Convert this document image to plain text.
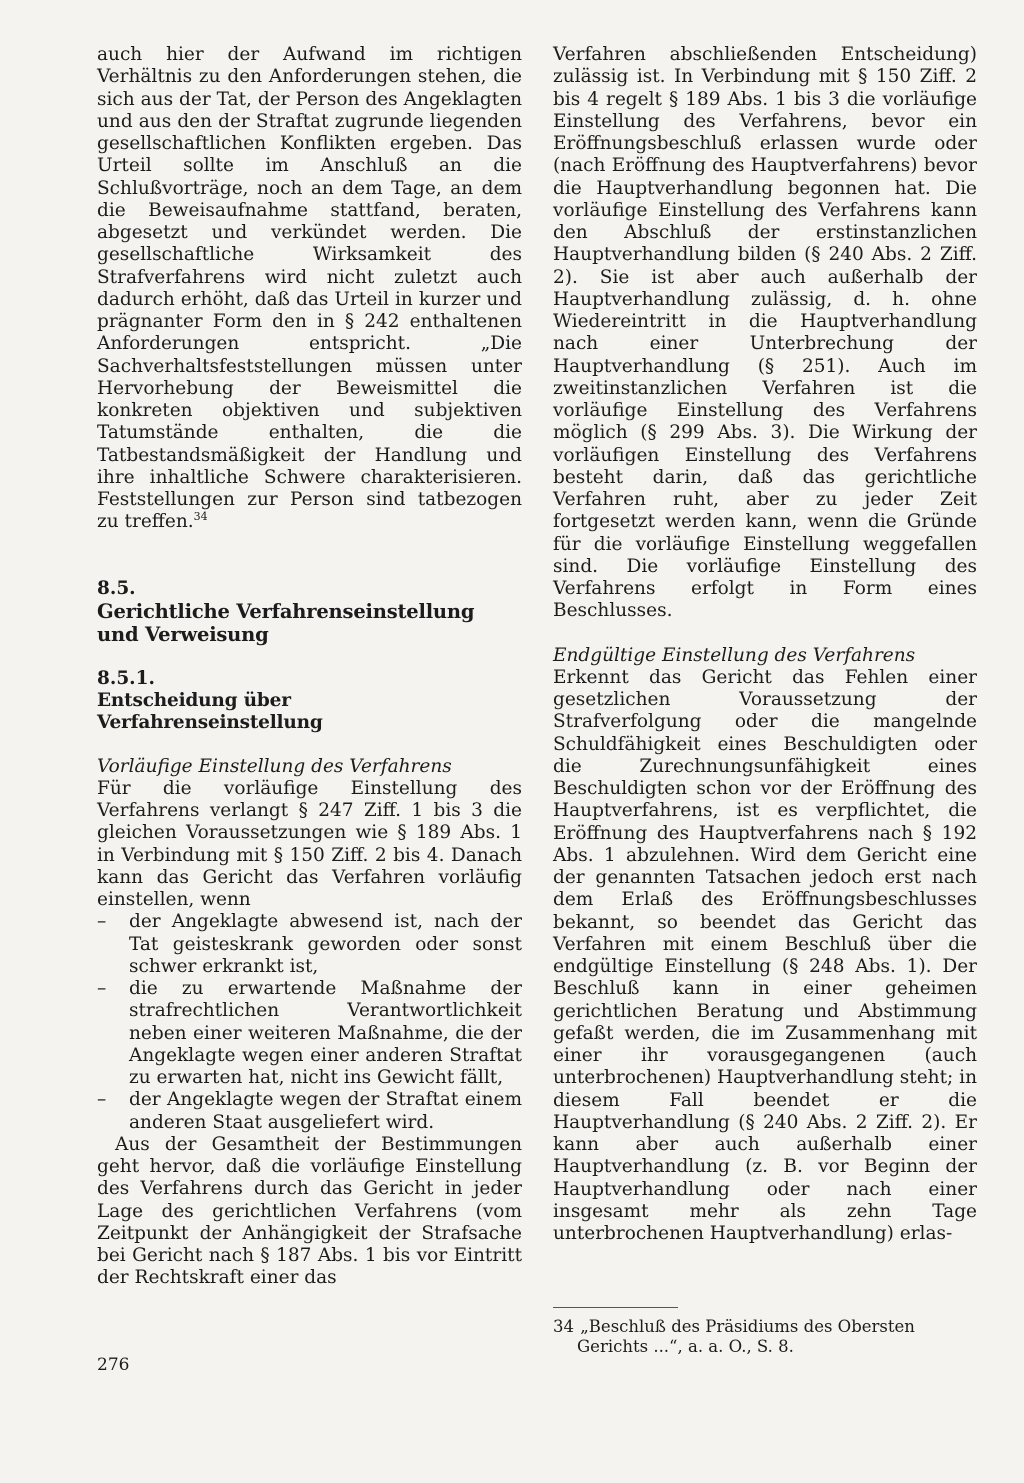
auch hier der Aufwand im richtigen Verhältnis zu den Anforderungen stehen, die sich aus der Tat, der Person des Angeklagten und aus den der Straftat zugrunde liegenden gesellschaftlichen Konflikten ergeben. Das Urteil sollte im Anschluß an die Schlußvorträge, noch an dem Tage, an dem die Beweisaufnahme stattfand, beraten, abgesetzt und verkündet werden. Die gesellschaftliche Wirksamkeit des Strafverfahrens wird nicht zuletzt auch dadurch erhöht, daß das Urteil in kurzer und prägnanter Form den in § 242 enthaltenen Anforderungen entspricht. „Die Sachverhaltsfeststellungen müssen unter Hervorhebung der Beweismittel die konkreten objektiven und subjektiven Tatumstände enthalten, die die Tatbestandsmäßigkeit der Handlung und ihre inhaltliche Schwere charakterisieren. Feststellungen zur Person sind tatbezogen zu treffen.$^{34}$

8.5.

Gerichtliche Verfahrenseinstellung

und Verweisung

8.5.1.

Entscheidung über Verfahrenseinstellung

Vorläufige Einstellung des Verfahrens

Für die vorläufige Einstellung des Verfahrens verlangt § 247 Ziff. 1 bis 3 die gleichen Voraussetzungen wie § 189 Abs. 1 in Verbindung mit § 150 Ziff. 2 bis 4. Danach kann das Gericht das Verfahren vorläufig einstellen, wenn

– der Angeklagte abwesend ist, nach der Tat geisteskrank geworden oder sonst schwer erkrankt ist,
– die zu erwartende Maßnahme der strafrechtlichen Verantwortlichkeit neben einer weiteren Maßnahme, die der Angeklagte wegen einer anderen Straftat zu erwarten hat, nicht ins Gewicht fällt,
– der Angeklagte wegen der Straftat einem anderen Staat ausgeliefert wird.

Aus der Gesamtheit der Bestimmungen geht hervor, daß die vorläufige Einstellung des Verfahrens durch das Gericht in jeder Lage des gerichtlichen Verfahrens (vom Zeitpunkt der Anhängigkeit der Strafsache bei Gericht nach § 187 Abs. 1 bis vor Eintritt der Rechtskraft einer das

Verfahren abschließenden Entscheidung) zulässig ist. In Verbindung mit § 150 Ziff. 2 bis 4 regelt § 189 Abs. 1 bis 3 die vorläufige Einstellung des Verfahrens, bevor ein Eröffnungsbeschluß erlassen wurde oder (nach Eröffnung des Hauptverfahrens) bevor die Hauptverhandlung begonnen hat. Die vorläufige Einstellung des Verfahrens kann den Abschluß der erstinstanzlichen Hauptverhandlung bilden (§ 240 Abs. 2 Ziff. 2). Sie ist aber auch außerhalb der Hauptverhandlung zulässig, d. h. ohne Wiedereintritt in die Hauptverhandlung nach einer Unterbrechung der Hauptverhandlung (§ 251). Auch im zweitinstanzlichen Verfahren ist die vorläufige Einstellung des Verfahrens möglich (§ 299 Abs. 3). Die Wirkung der vorläufigen Einstellung des Verfahrens besteht darin, daß das gerichtliche Verfahren ruht, aber zu jeder Zeit fortgesetzt werden kann, wenn die Gründe für die vorläufige Einstellung weggefallen sind. Die vorläufige Einstellung des Verfahrens erfolgt in Form eines Beschlusses.

Endgültige Einstellung des Verfahrens

Erkennt das Gericht das Fehlen einer gesetzlichen Voraussetzung der Strafverfolgung oder die mangelnde Schuldfähigkeit eines Beschuldigten oder die Zurechnungsunfähigkeit eines Beschuldigten schon vor der Eröffnung des Hauptverfahrens, ist es verpflichtet, die Eröffnung des Hauptverfahrens nach § 192 Abs. 1 abzulehnen. Wird dem Gericht eine der genannten Tatsachen jedoch erst nach dem Erlaß des Eröffnungsbeschlusses bekannt, so beendet das Gericht das Verfahren mit einem Beschluß über die endgültige Einstellung (§ 248 Abs. 1). Der Beschluß kann in einer geheimen gerichtlichen Beratung und Abstimmung gefaßt werden, die im Zusammenhang mit einer ihr vorausgegangenen (auch unterbrochenen) Hauptverhandlung steht; in diesem Fall beendet er die Hauptverhandlung (§ 240 Abs. 2 Ziff. 2). Er kann aber auch außerhalb einer Hauptverhandlung (z. B. vor Beginn der Hauptverhandlung oder nach einer insgesamt mehr als zehn Tage unterbrochenen Hauptverhandlung) erlas-

34 „Beschluß des Präsidiums des Obersten
Gerichts ...“, a. a. O., S. 8.
276
